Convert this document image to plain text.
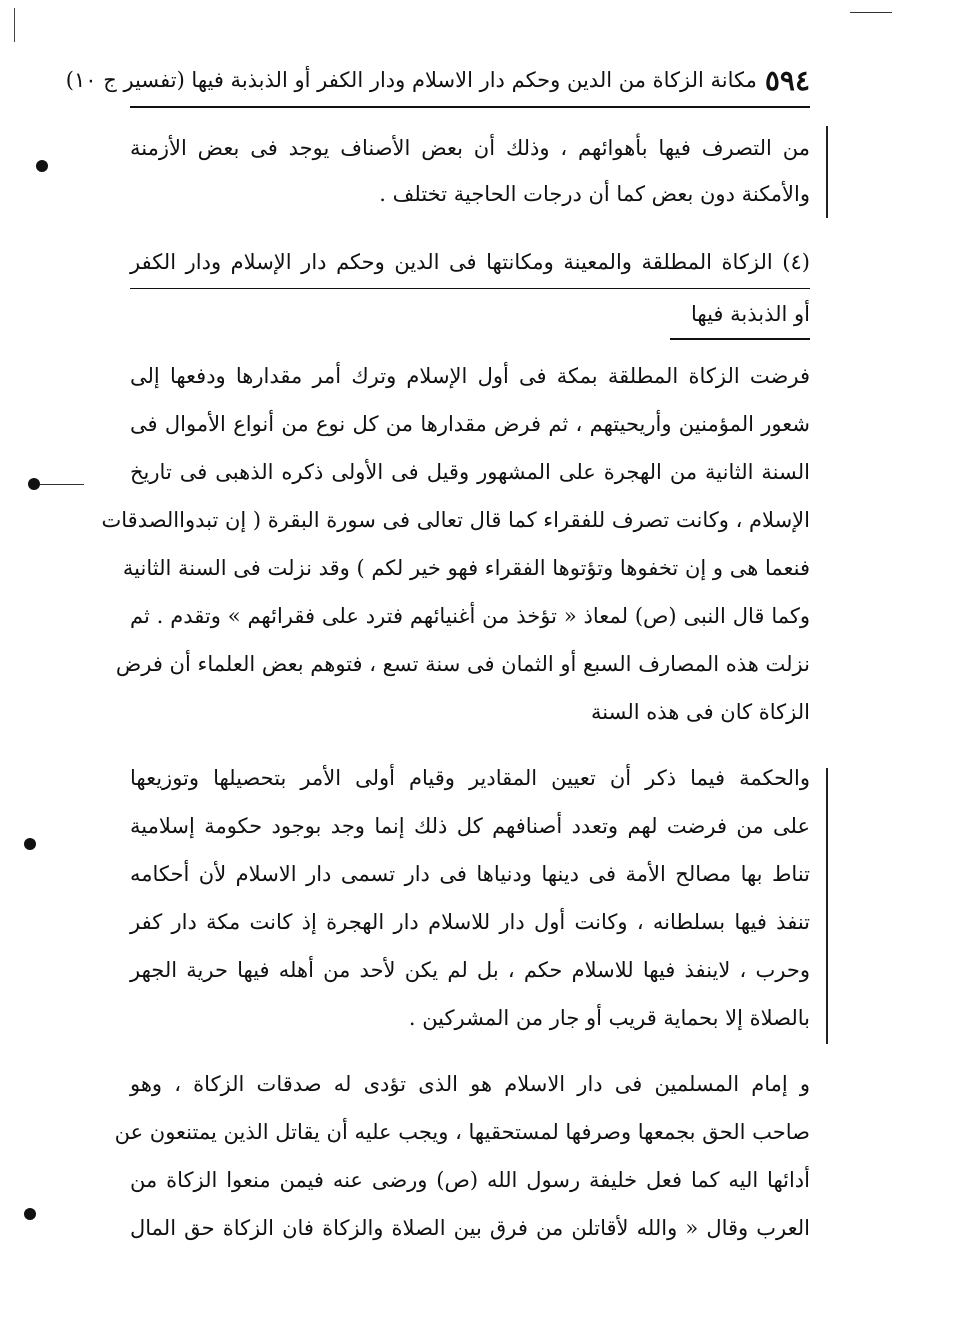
٥٩٤
مكانة الزكاة من الدين وحكم دار الاسلام ودار الكفر أو الذبذبة فيها (تفسير ج ١٠)
من التصرف فيها بأهوائهم ، وذلك أن بعض الأصناف يوجد فى بعض الأزمنة
والأمكنة دون بعض كما أن درجات الحاجية تختلف .
(٤) الزكاة المطلقة والمعينة ومكانتها فى الدين وحكم دار الإسلام ودار الكفر
أو الذبذبة فيها
فرضت الزكاة المطلقة بمكة فى أول الإسلام وترك أمر مقدارها ودفعها إلى
شعور المؤمنين وأريحيتهم ، ثم فرض مقدارها من كل نوع من أنواع الأموال فى
السنة الثانية من الهجرة على المشهور وقيل فى الأولى ذكره الذهبى فى تاريخ
الإسلام ، وكانت تصرف للفقراء كما قال تعالى فى سورة البقرة ( إن تبدواالصدقات
فنعما هى و إن تخفوها وتؤتوها الفقراء فهو خير لكم ) وقد نزلت فى السنة الثانية
وكما قال النبى (ص) لمعاذ « تؤخذ من أغنيائهم فترد على فقرائهم » وتقدم . ثم
نزلت هذه المصارف السبع أو الثمان فى سنة تسع ، فتوهم بعض العلماء أن فرض
الزكاة كان فى هذه السنة
والحكمة فيما ذكر أن تعيين المقادير وقيام أولى الأمر بتحصيلها وتوزيعها
على من فرضت لهم وتعدد أصنافهم كل ذلك إنما وجد بوجود حكومة إسلامية
تناط بها مصالح الأمة فى دينها ودنياها فى دار تسمى دار الاسلام لأن أحكامه
تنفذ فيها بسلطانه ، وكانت أول دار للاسلام دار الهجرة إذ كانت مكة دار كفر
وحرب ، لاينفذ فيها للاسلام حكم ، بل لم يكن لأحد من أهله فيها حرية الجهر
بالصلاة إلا بحماية قريب أو جار من المشركين .
و إمام المسلمين فى دار الاسلام هو الذى تؤدى له صدقات الزكاة ، وهو
صاحب الحق بجمعها وصرفها لمستحقيها ، ويجب عليه أن يقاتل الذين يمتنعون عن
أدائها اليه كما فعل خليفة رسول الله (ص) ورضى عنه فيمن منعوا الزكاة من
العرب وقال « والله لأقاتلن من فرق بين الصلاة والزكاة فان الزكاة حق المال
